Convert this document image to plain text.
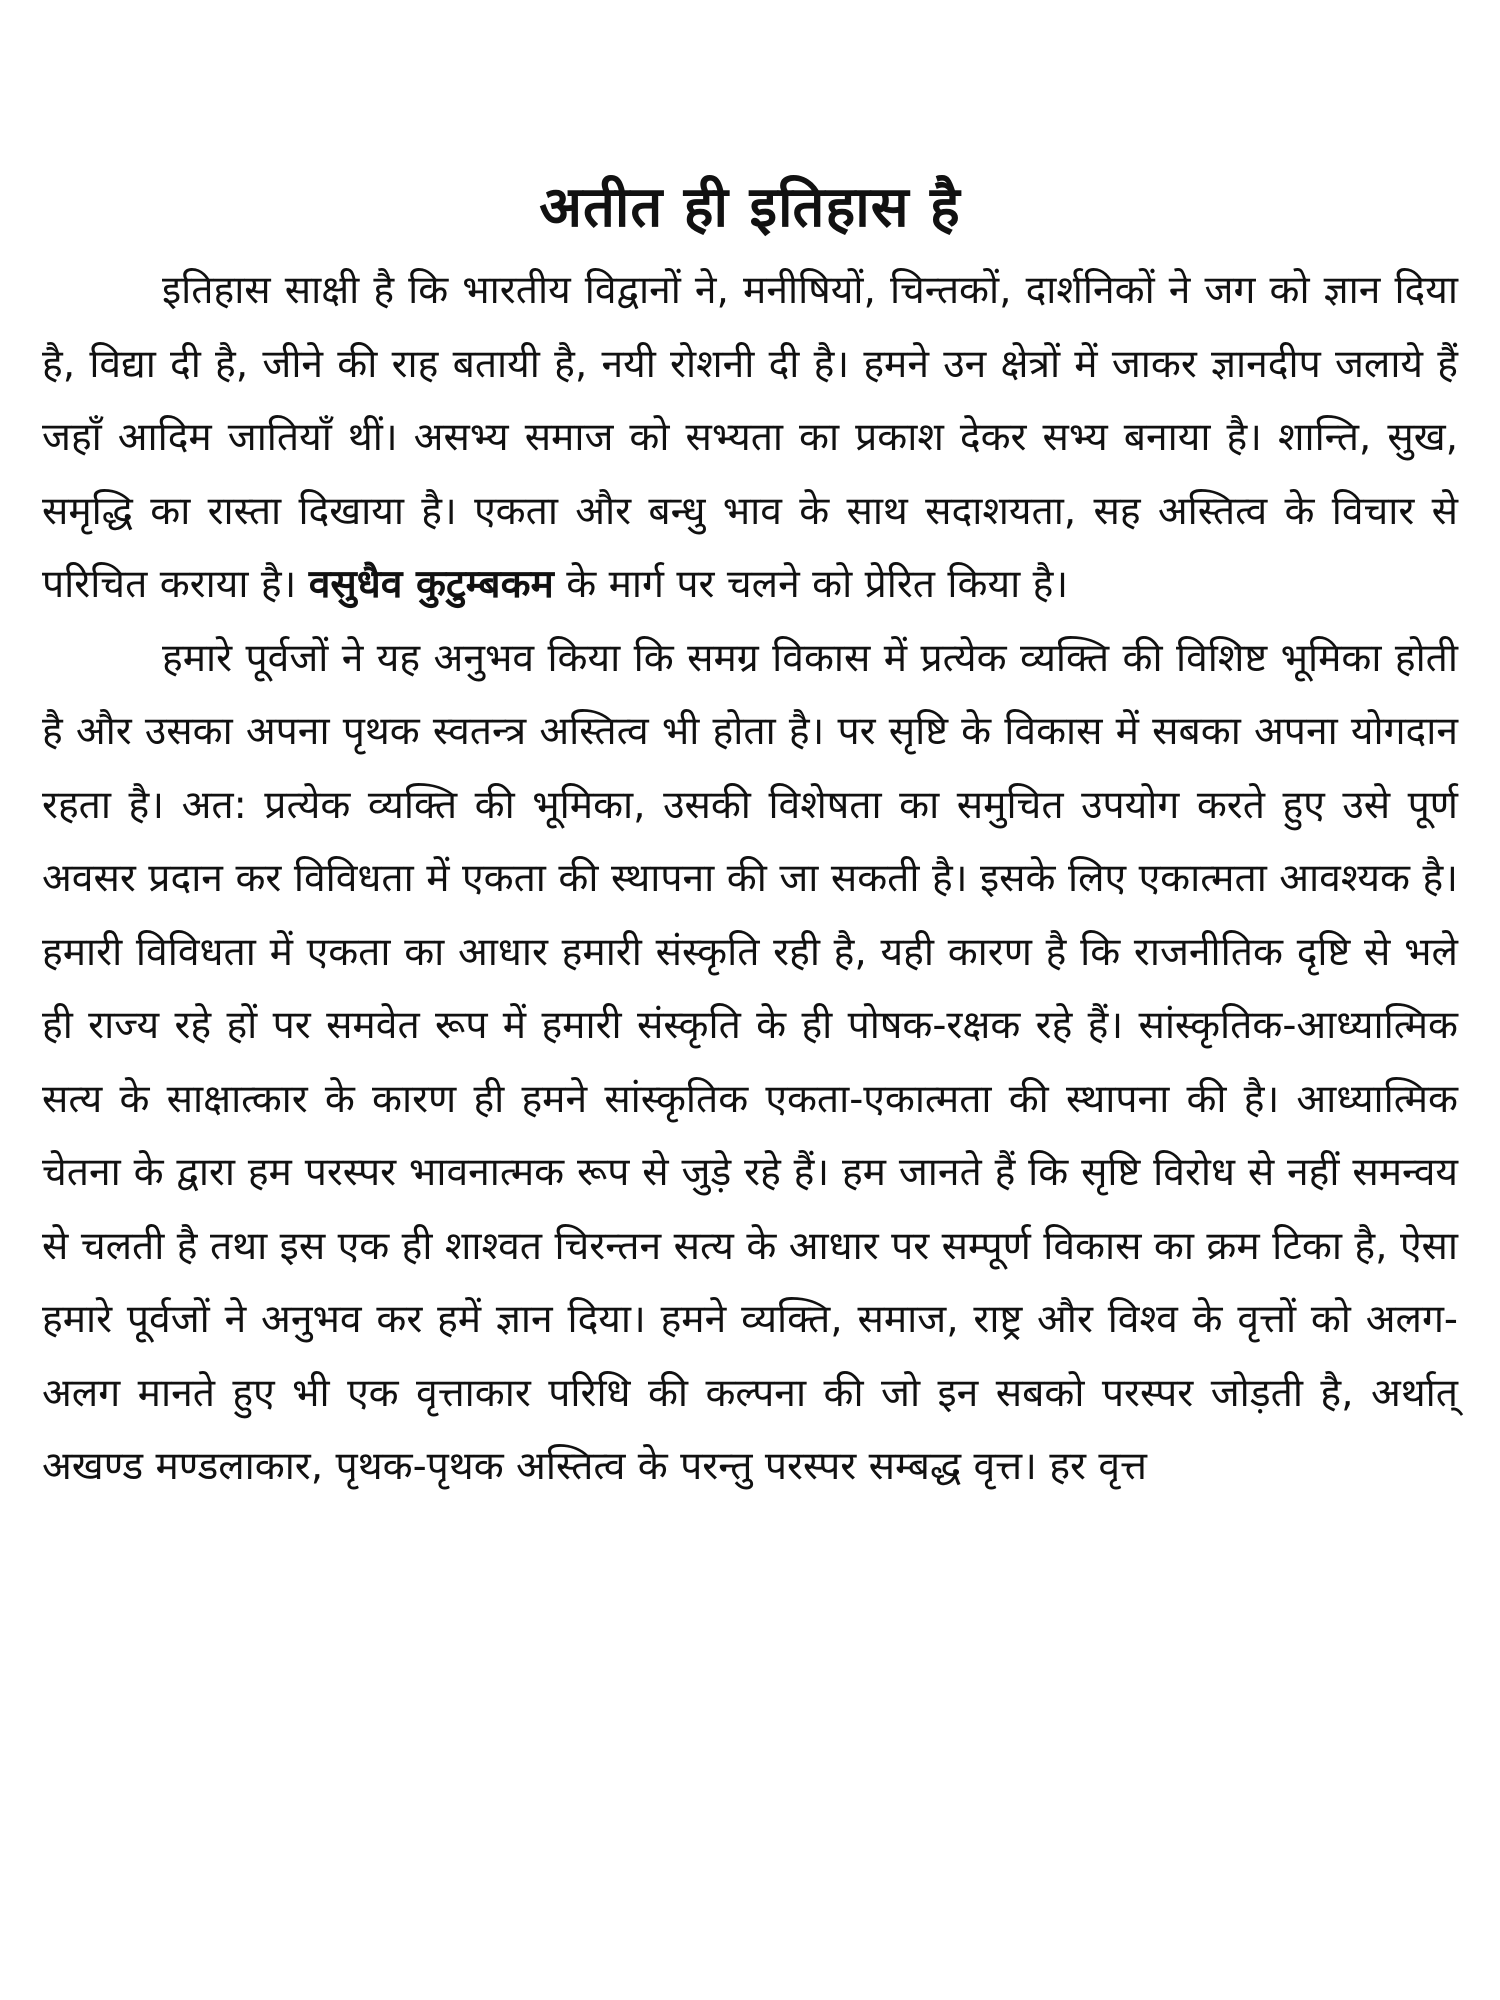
अतीत ही इतिहास है

इतिहास साक्षी है कि भारतीय विद्वानों ने, मनीषियों, चिन्तकों, दार्शनिकों ने जग को ज्ञान दिया है, विद्या दी है, जीने की राह बतायी है, नयी रोशनी दी है। हमने उन क्षेत्रों में जाकर ज्ञानदीप जलाये हैं जहाँ आदिम जातियाँ थीं। असभ्य समाज को सभ्यता का प्रकाश देकर सभ्य बनाया है। शान्ति, सुख, समृद्धि का रास्ता दिखाया है। एकता और बन्धु भाव के साथ सदाशयता, सह अस्तित्व के विचार से परिचित कराया है। वसुधैव कुटुम्बकम के मार्ग पर चलने को प्रेरित किया है।

हमारे पूर्वजों ने यह अनुभव किया कि समग्र विकास में प्रत्येक व्यक्ति की विशिष्ट भूमिका होती है और उसका अपना पृथक स्वतन्त्र अस्तित्व भी होता है। पर सृष्टि के विकास में सबका अपना योगदान रहता है। अत: प्रत्येक व्यक्ति की भूमिका, उसकी विशेषता का समुचित उपयोग करते हुए उसे पूर्ण अवसर प्रदान कर विविधता में एकता की स्थापना की जा सकती है। इसके लिए एकात्मता आवश्यक है। हमारी विविधता में एकता का आधार हमारी संस्कृति रही है, यही कारण है कि राजनीतिक दृष्टि से भले ही राज्य रहे हों पर समवेत रूप में हमारी संस्कृति के ही पोषक-रक्षक रहे हैं। सांस्कृतिक-आध्यात्मिक सत्य के साक्षात्कार के कारण ही हमने सांस्कृतिक एकता-एकात्मता की स्थापना की है। आध्यात्मिक चेतना के द्वारा हम परस्पर भावनात्मक रूप से जुड़े रहे हैं। हम जानते हैं कि सृष्टि विरोध से नहीं समन्वय से चलती है तथा इस एक ही शाश्वत चिरन्तन सत्य के आधार पर सम्पूर्ण विकास का क्रम टिका है, ऐसा हमारे पूर्वजों ने अनुभव कर हमें ज्ञान दिया। हमने व्यक्ति, समाज, राष्ट्र और विश्व के वृत्तों को अलग-अलग मानते हुए भी एक वृत्ताकार परिधि की कल्पना की जो इन सबको परस्पर जोड़ती है, अर्थात् अखण्ड मण्डलाकार, पृथक-पृथक अस्तित्व के परन्तु परस्पर सम्बद्ध वृत्त। हर वृत्त
